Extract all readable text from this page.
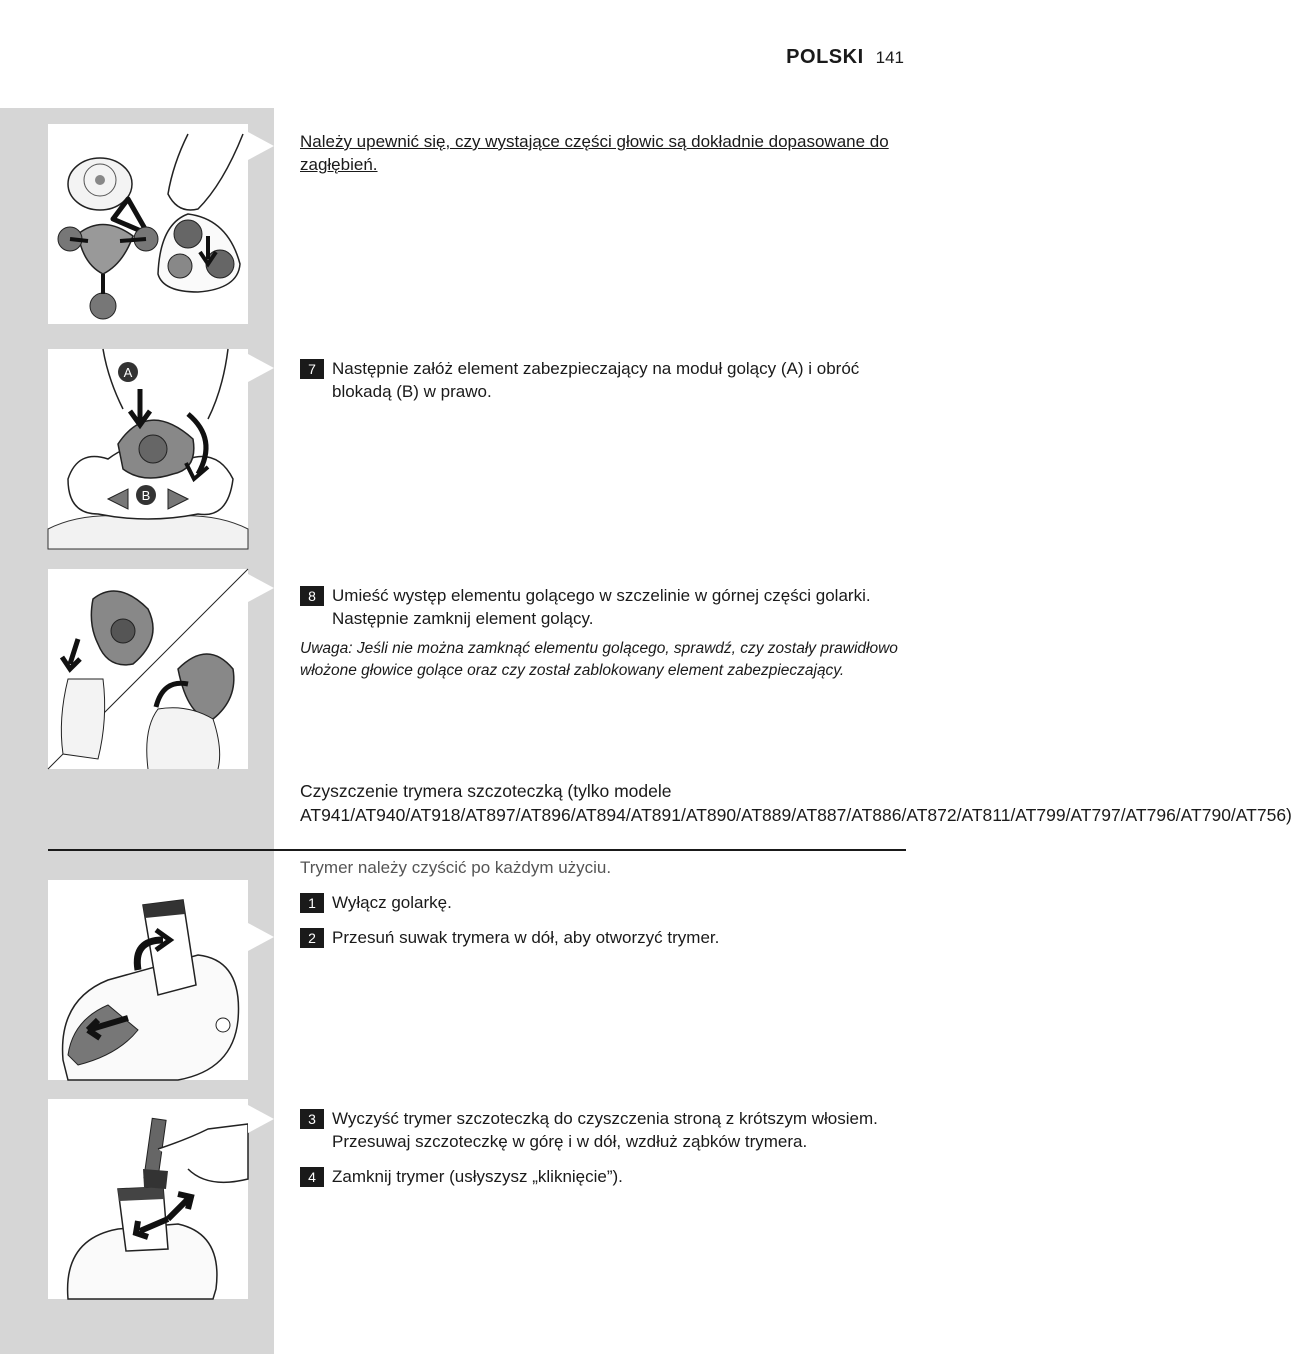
POLSKI 141
Należy upewnić się, czy wystające części głowic są dokładnie dopasowane do zagłębień.
A
B
7 Następnie załóż element zabezpieczający na moduł golący (A) i obróć blokadą (B) w prawo.
8 Umieść występ elementu golącego w szczelinie w górnej części golarki. Następnie zamknij element golący.
Uwaga: Jeśli nie można zamknąć elementu golącego, sprawdź, czy zostały prawidłowo włożone głowice golące oraz czy został zablokowany element zabezpieczający.
Czyszczenie trymera szczoteczką (tylko modele AT941/AT940/AT918/AT897/AT896/AT894/AT891/AT890/AT889/AT887/AT886/AT872/AT811/AT799/AT797/AT796/AT790/AT756)
Trymer należy czyścić po każdym użyciu.
1 Wyłącz golarkę.
2 Przesuń suwak trymera w dół, aby otworzyć trymer.
3 Wyczyść trymer szczoteczką do czyszczenia stroną z krótszym włosiem. Przesuwaj szczoteczkę w górę i w dół, wzdłuż ząbków trymera.
4 Zamknij trymer (usłyszysz „kliknięcie”).
